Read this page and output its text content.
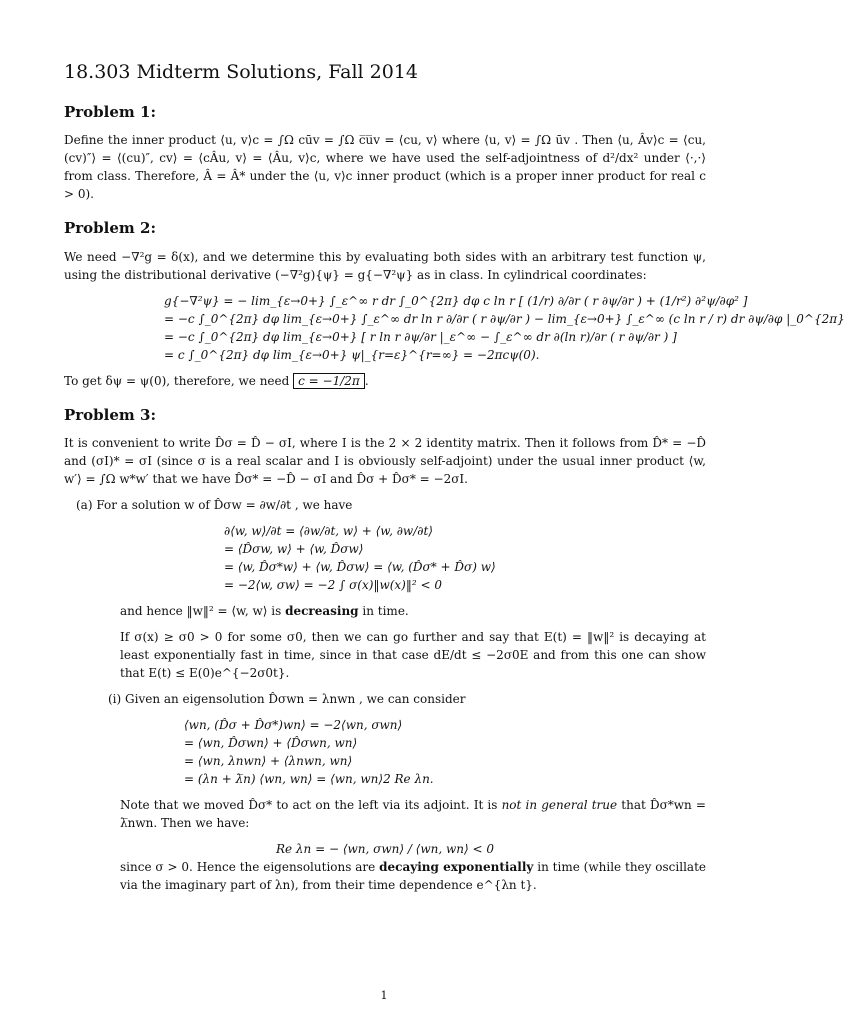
18.303 Midterm Solutions, Fall 2014
Problem 1:

Define the inner product ⟨u, v⟩c = ∫Ω cūv = ∫Ω c̅u̅v = ⟨cu, v⟩ where ⟨u, v⟩ = ∫Ω ūv . Then ⟨u, Âv⟩c = ⟨cu, (cv)″⟩ = ⟨(cu)″, cv⟩ = ⟨cÂu, v⟩ = ⟨Âu, v⟩c, where we have used the self-adjointness of d²/dx² under ⟨·,·⟩ from class. Therefore, Â = Â* under the ⟨u, v⟩c inner product (which is a proper inner product for real c > 0).

Problem 2:

We need −∇²g = δ(x), and we determine this by evaluating both sides with an arbitrary test function ψ, using the distributional derivative (−∇²g){ψ} = g{−∇²ψ} as in class. In cylindrical coordinates:

g{−∇²ψ} = − lim_{ε→0+} ∫_ε^∞ r dr ∫_0^{2π} dφ c ln r [ (1/r) ∂/∂r ( r ∂ψ/∂r ) + (1/r²) ∂²ψ/∂φ² ]
= −c ∫_0^{2π} dφ lim_{ε→0+} ∫_ε^∞ dr ln r ∂/∂r ( r ∂ψ/∂r ) − lim_{ε→0+} ∫_ε^∞ (c ln r / r) dr ∂ψ/∂φ |_0^{2π}
= −c ∫_0^{2π} dφ lim_{ε→0+} [ r ln r ∂ψ/∂r |_ε^∞ − ∫_ε^∞ dr ∂(ln r)/∂r ( r ∂ψ/∂r ) ]
= c ∫_0^{2π} dφ lim_{ε→0+} ψ|_{r=ε}^{r=∞} = −2πcψ(0).

To get δψ = ψ(0), therefore, we need c = −1/2π .

Problem 3:

It is convenient to write D̂σ = D̂ − σI, where I is the 2 × 2 identity matrix. Then it follows from D̂* = −D̂ and (σI)* = σI (since σ is a real scalar and I is obviously self-adjoint) under the usual inner product ⟨w, w′⟩ = ∫Ω w*w′ that we have D̂σ* = −D̂ − σI and D̂σ + D̂σ* = −2σI.

(a) For a solution w of D̂σw = ∂w/∂t , we have

∂⟨w, w⟩/∂t = ⟨∂w/∂t, w⟩ + ⟨w, ∂w/∂t⟩
= ⟨D̂σw, w⟩ + ⟨w, D̂σw⟩
= ⟨w, D̂σ*w⟩ + ⟨w, D̂σw⟩ = ⟨w, (D̂σ* + D̂σ) w⟩
= −2⟨w, σw⟩ = −2 ∫ σ(x)‖w(x)‖² < 0

and hence ‖w‖² = ⟨w, w⟩ is decreasing in time.

If σ(x) ≥ σ0 > 0 for some σ0, then we can go further and say that E(t) = ‖w‖² is decaying at least exponentially fast in time, since in that case dE/dt ≤ −2σ0E and from this one can show that E(t) ≤ E(0)e^{−2σ0t}.

(i) Given an eigensolution D̂σwn = λnwn , we can consider

⟨wn, (D̂σ + D̂σ*)wn⟩ = −2⟨wn, σwn⟩
= ⟨wn, D̂σwn⟩ + ⟨D̂σwn, wn⟩
= ⟨wn, λnwn⟩ + ⟨λnwn, wn⟩
= (λn + λ̅n) ⟨wn, wn⟩ = ⟨wn, wn⟩2 Re λn.

Note that we moved D̂σ* to act on the left via its adjoint. It is not in general true that D̂σ*wn = λ̅nwn. Then we have:

Re λn = − ⟨wn, σwn⟩ / ⟨wn, wn⟩ < 0

since σ > 0. Hence the eigensolutions are decaying exponentially in time (while they oscillate via the imaginary part of λn), from their time dependence e^{λn t}.

1
